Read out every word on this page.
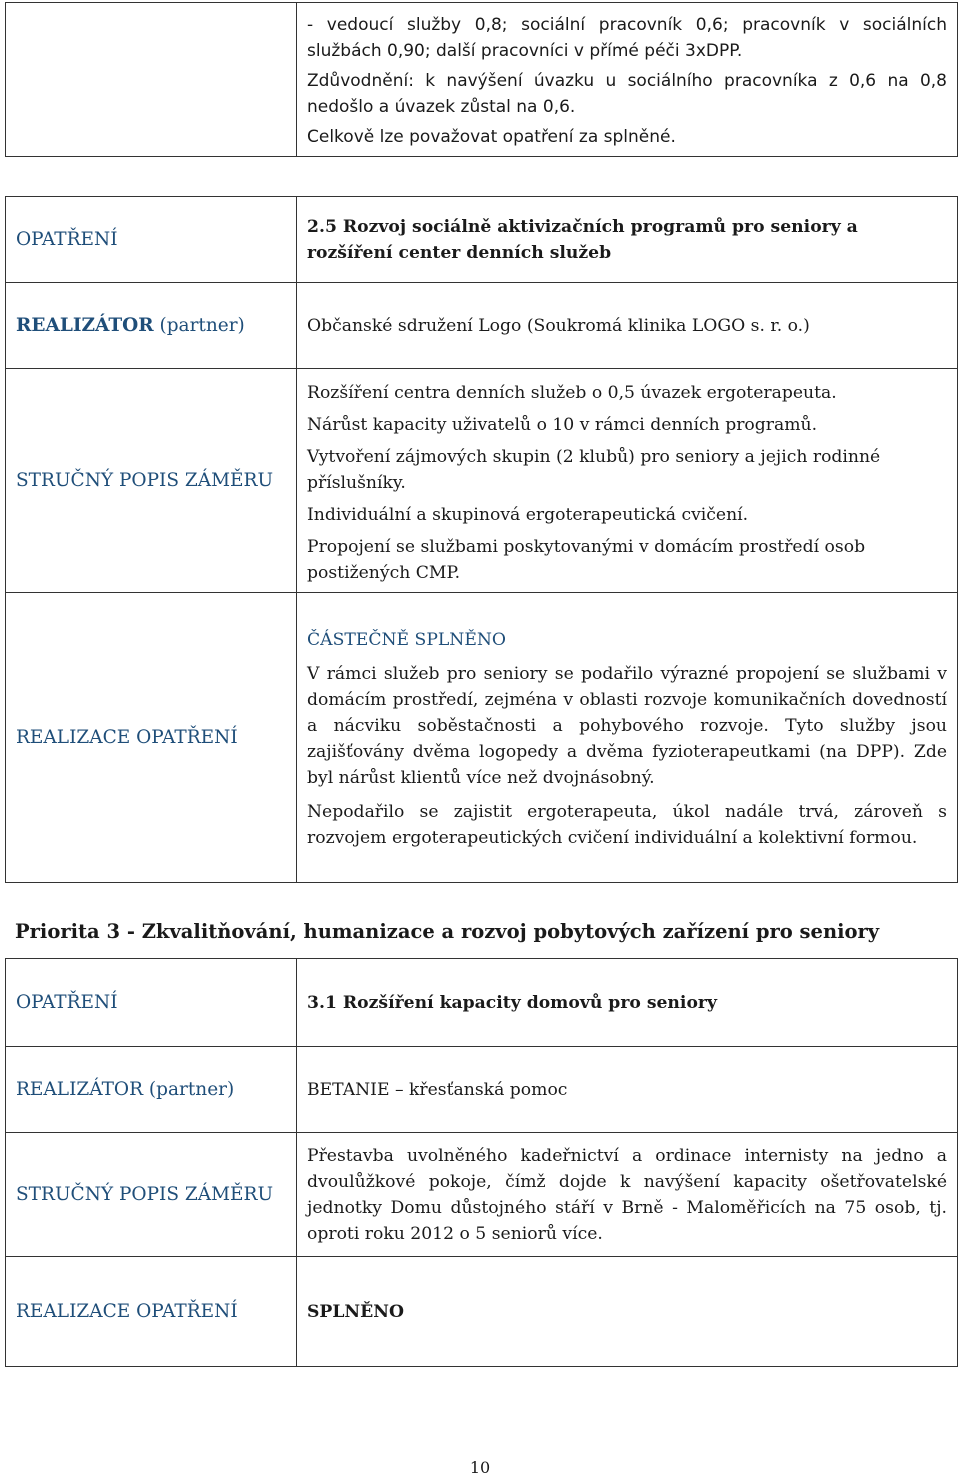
- vedoucí služby 0,8; sociální pracovník 0,6; pracovník v sociálních službách 0,90; další pracovníci v přímé péči 3xDPP.

Zdůvodnění: k navýšení úvazku u sociálního pracovníka z 0,6 na 0,8 nedošlo a úvazek zůstal na 0,6.

Celkově lze považovat opatření za splněné.

OPATŘENÍ	2.5 Rozvoj sociálně aktivizačních programů pro seniory a rozšíření center denních služeb
REALIZÁTOR (partner)	Občanské sdružení Logo (Soukromá klinika LOGO s. r. o.)
STRUČNÝ POPIS ZÁMĚRU	Rozšíření centra denních služeb o 0,5 úvazek ergoterapeuta.

Nárůst kapacity uživatelů o 10 v rámci denních programů.

Vytvoření zájmových skupin (2 klubů) pro seniory a jejich rodinné příslušníky.

Individuální a skupinová ergoterapeutická cvičení.

Propojení se službami poskytovanými v domácím prostředí osob postižených CMP.

REALIZACE OPATŘENÍ	ČÁSTEČNĚ SPLNĚNO

V rámci služeb pro seniory se podařilo výrazné propojení se službami v domácím prostředí, zejména v oblasti rozvoje komunikačních dovedností a nácviku soběstačnosti a pohybového rozvoje. Tyto služby jsou zajišťovány dvěma logopedy a dvěma fyzioterapeutkami (na DPP). Zde byl nárůst klientů více než dvojnásobný.

Nepodařilo se zajistit ergoterapeuta, úkol nadále trvá, zároveň s rozvojem ergoterapeutických cvičení individuální a kolektivní formou.

Priorita 3 - Zkvalitňování, humanizace a rozvoj pobytových zařízení pro seniory
OPATŘENÍ	3.1 Rozšíření kapacity domovů pro seniory
REALIZÁTOR (partner)	BETANIE – křesťanská pomoc
STRUČNÝ POPIS ZÁMĚRU	Přestavba uvolněného kadeřnictví a ordinace internisty na jedno a dvoulůžkové pokoje, čímž dojde k navýšení kapacity ošetřovatelské jednotky Domu důstojného stáří v Brně - Maloměřicích na 75 osob, tj. oproti roku 2012 o 5 seniorů více.
REALIZACE OPATŘENÍ	SPLNĚNO
10
